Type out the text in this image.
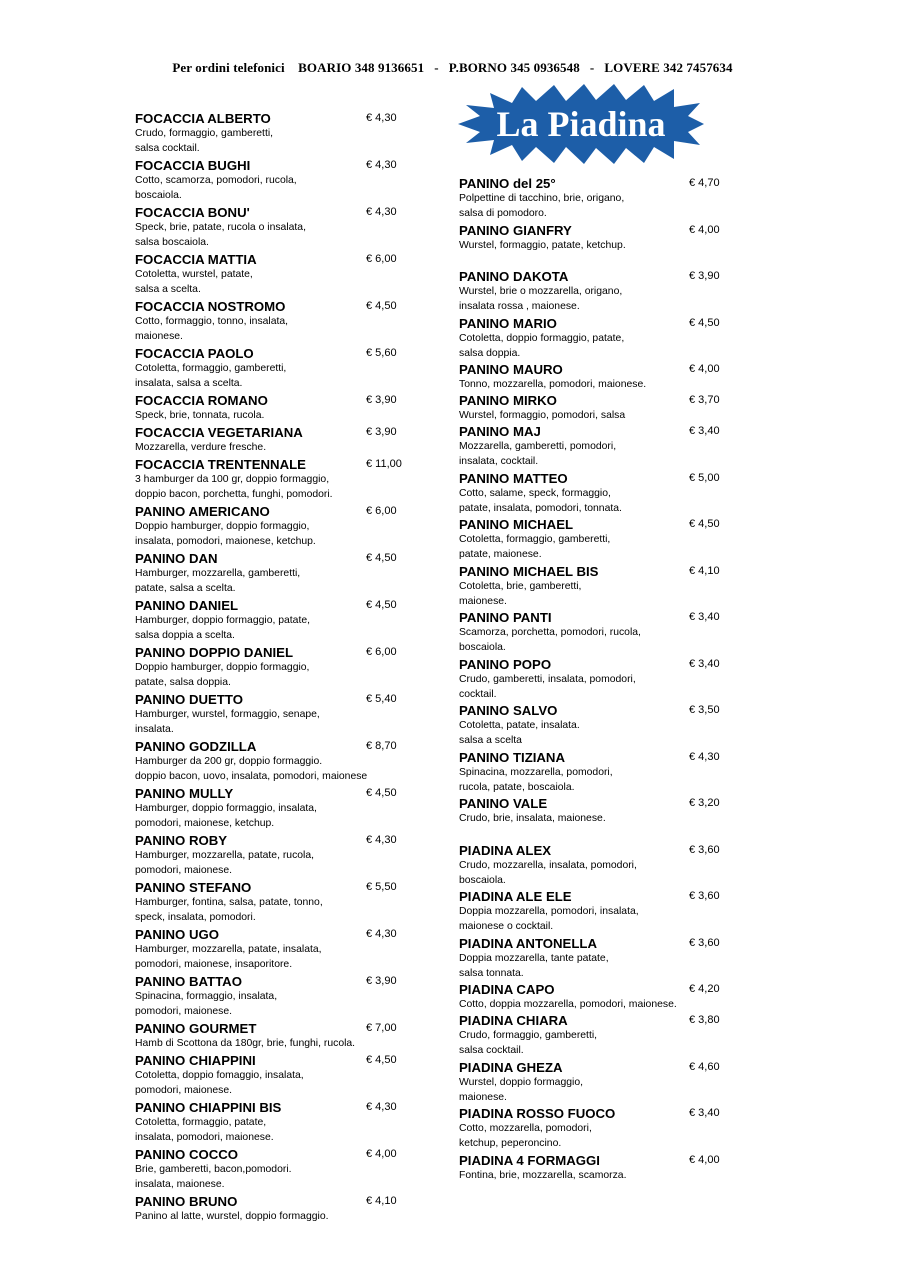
Per ordini telefonici BOARIO 348 9136651 - P.BORNO 345 0936548 - LOVERE 342 7457634
La Piadina
FOCACCIA ALBERTO	€ 4,30
Crudo, formaggio, gamberetti,
salsa cocktail.
FOCACCIA BUGHI	€ 4,30
Cotto, scamorza, pomodori, rucola,
boscaiola.
FOCACCIA BONU'	€ 4,30
Speck, brie, patate, rucola o insalata,
salsa boscaiola.
FOCACCIA MATTIA	€ 6,00
Cotoletta, wurstel, patate,
salsa a scelta.
FOCACCIA NOSTROMO	€ 4,50
Cotto, formaggio, tonno, insalata,
maionese.
FOCACCIA PAOLO	€ 5,60
Cotoletta, formaggio, gamberetti,
insalata, salsa a scelta.
FOCACCIA ROMANO	€ 3,90
Speck, brie, tonnata, rucola.
FOCACCIA VEGETARIANA	€ 3,90
Mozzarella, verdure fresche.
FOCACCIA TRENTENNALE	€ 11,00
3 hamburger da 100 gr, doppio formaggio,
doppio bacon, porchetta, funghi, pomodori.
PANINO AMERICANO	€ 6,00
Doppio hamburger, doppio formaggio,
insalata, pomodori, maionese, ketchup.
PANINO DAN	€ 4,50
Hamburger, mozzarella, gamberetti,
patate, salsa a scelta.
PANINO DANIEL	€ 4,50
Hamburger, doppio formaggio, patate,
salsa doppia a scelta.
PANINO DOPPIO DANIEL	€ 6,00
Doppio hamburger, doppio formaggio,
patate, salsa doppia.
PANINO DUETTO	€ 5,40
Hamburger, wurstel, formaggio, senape,
insalata.
PANINO GODZILLA	€ 8,70
Hamburger da 200 gr, doppio formaggio.
doppio bacon, uovo, insalata, pomodori, maionese
PANINO MULLY	€ 4,50
Hamburger, doppio formaggio, insalata,
pomodori, maionese, ketchup.
PANINO ROBY	€ 4,30
Hamburger, mozzarella, patate, rucola,
pomodori, maionese.
PANINO STEFANO	€ 5,50
Hamburger, fontina, salsa, patate, tonno,
speck, insalata, pomodori.
PANINO UGO	€ 4,30
Hamburger, mozzarella, patate, insalata,
pomodori, maionese, insaporitore.
PANINO BATTAO	€ 3,90
Spinacina, formaggio, insalata,
pomodori, maionese.
PANINO GOURMET	€ 7,00
Hamb di Scottona da 180gr, brie, funghi, rucola.
PANINO CHIAPPINI	€ 4,50
Cotoletta, doppio fomaggio, insalata,
pomodori, maionese.
PANINO CHIAPPINI BIS	€ 4,30
Cotoletta, formaggio, patate,
insalata, pomodori, maionese.
PANINO COCCO	€ 4,00
Brie, gamberetti, bacon,pomodori.
insalata, maionese.
PANINO BRUNO	€ 4,10
Panino al latte, wurstel, doppio formaggio.
PANINO del 25°	€ 4,70
Polpettine di tacchino, brie, origano,
salsa di pomodoro.
PANINO GIANFRY	€ 4,00
Wurstel, formaggio, patate, ketchup.

PANINO DAKOTA	€ 3,90
Wurstel, brie o mozzarella, origano,
insalata rossa , maionese.
PANINO MARIO	€ 4,50
Cotoletta, doppio formaggio, patate,
salsa doppia.
PANINO MAURO	€ 4,00
Tonno, mozzarella, pomodori, maionese.
PANINO MIRKO	€ 3,70
Wurstel, formaggio, pomodori, salsa
PANINO MAJ	€ 3,40
Mozzarella, gamberetti, pomodori,
insalata, cocktail.
PANINO MATTEO	€ 5,00
Cotto, salame, speck, formaggio,
patate, insalata, pomodori, tonnata.
PANINO MICHAEL	€ 4,50
Cotoletta, formaggio, gamberetti,
patate, maionese.
PANINO MICHAEL BIS	€ 4,10
Cotoletta, brie, gamberetti,
maionese.
PANINO PANTI	€ 3,40
Scamorza, porchetta, pomodori, rucola,
boscaiola.
PANINO POPO	€ 3,40
Crudo, gamberetti, insalata, pomodori,
cocktail.
PANINO SALVO	€ 3,50
Cotoletta, patate, insalata.
salsa a scelta
PANINO TIZIANA	€ 4,30
Spinacina, mozzarella, pomodori,
rucola, patate, boscaiola.
PANINO VALE	€ 3,20
Crudo, brie, insalata, maionese.

PIADINA ALEX	€ 3,60
Crudo, mozzarella, insalata, pomodori,
boscaiola.
PIADINA ALE ELE	€ 3,60
Doppia mozzarella, pomodori, insalata,
maionese o cocktail.
PIADINA ANTONELLA	€ 3,60
Doppia mozzarella, tante patate,
salsa tonnata.
PIADINA CAPO	€ 4,20
Cotto, doppia mozzarella, pomodori, maionese.
PIADINA CHIARA	€ 3,80
Crudo, formaggio, gamberetti,
salsa cocktail.
PIADINA GHEZA	€ 4,60
Wurstel, doppio formaggio,
maionese.
PIADINA ROSSO FUOCO	€ 3,40
Cotto, mozzarella, pomodori,
ketchup, peperoncino.
PIADINA 4 FORMAGGI	€ 4,00
Fontina, brie, mozzarella, scamorza.
